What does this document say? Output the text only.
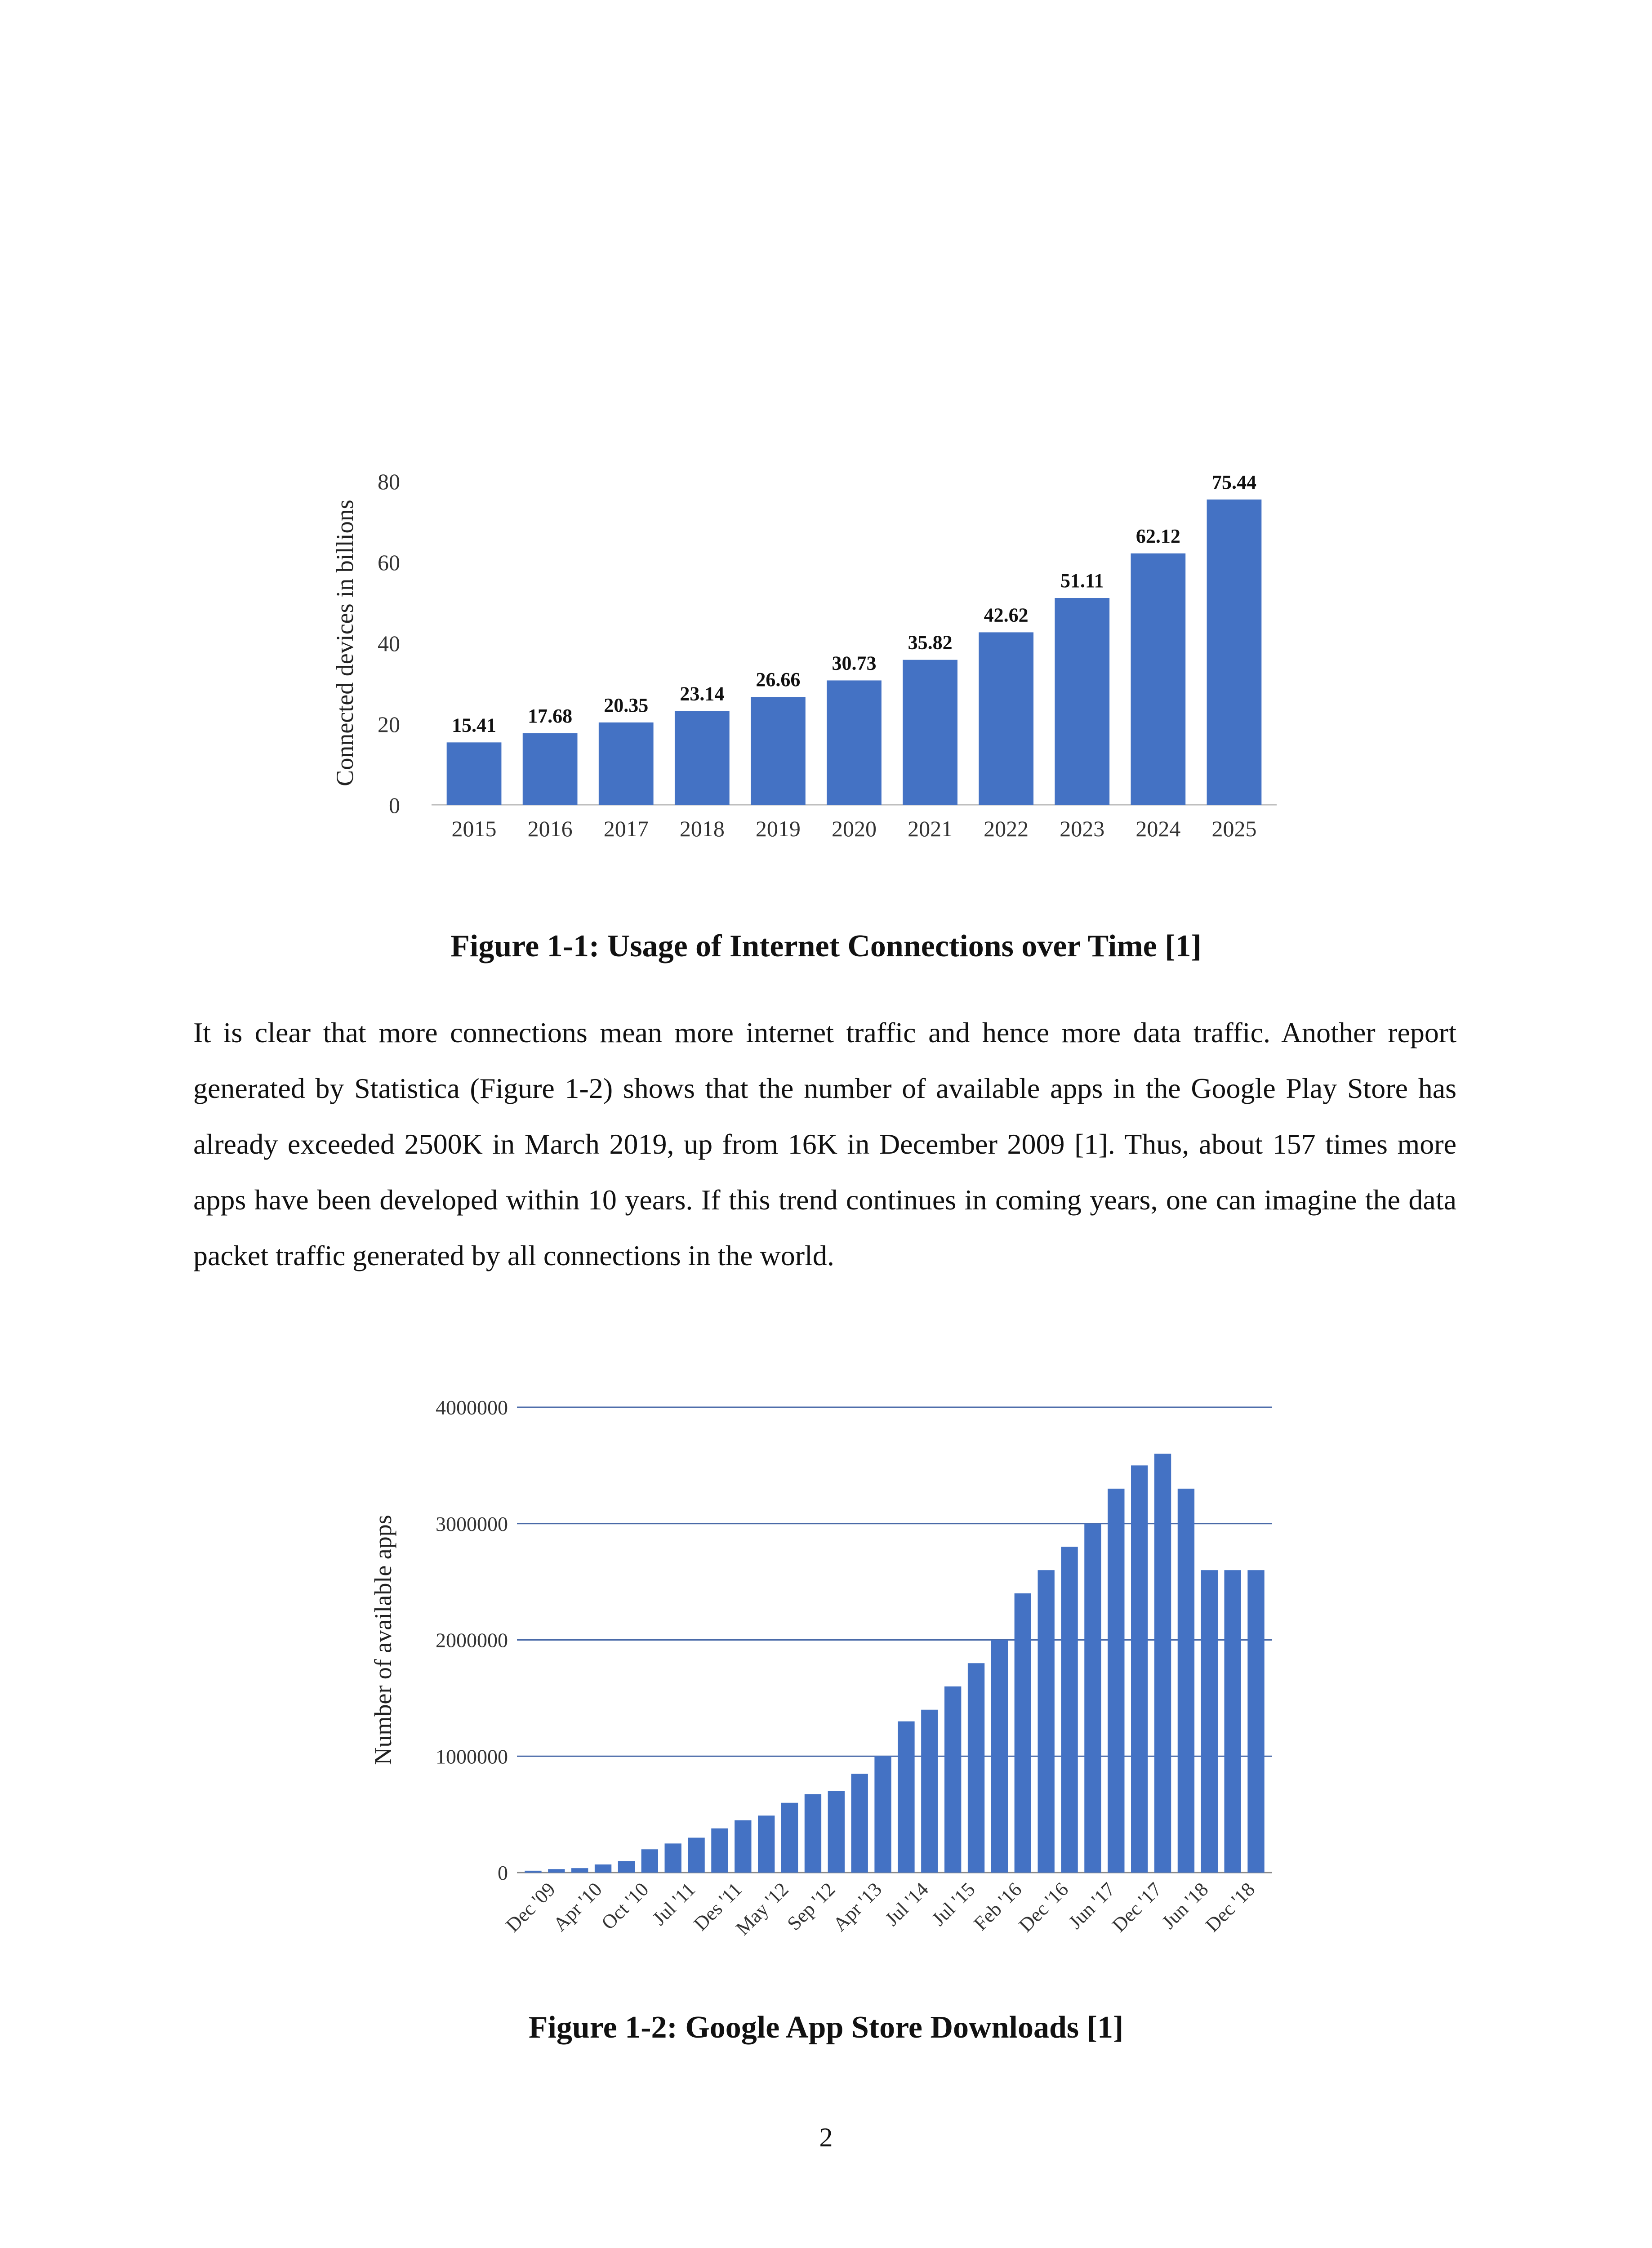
Connected devices in billions
0
20
40
60
80
15.41
2015
17.68
2016
20.35
2017
23.14
2018
26.66
2019
30.73
2020
35.82
2021
42.62
2022
51.11
2023
62.12
2024
75.44
2025
Figure 1-1: Usage of Internet Connections over Time [1]

It is clear that more connections mean more internet traffic and hence more data traffic. Another report generated by Statistica (Figure 1-2) shows that the number of available apps in the Google Play Store has already exceeded 2500K in March 2019, up from 16K in December 2009 [1]. Thus, about 157 times more apps have been developed within 10 years. If this trend continues in coming years, one can imagine the data packet traffic generated by all connections in the world.

Number of available apps
0
1000000
2000000
3000000
4000000
Dec '09
Apr '10
Oct '10
Jul '11
Des '11
May '12
Sep '12
Apr '13
Jul '14
Jul '15
Feb '16
Dec '16
Jun '17
Dec '17
Jun '18
Dec '18
Figure 1-2: Google App Store Downloads [1]
2
